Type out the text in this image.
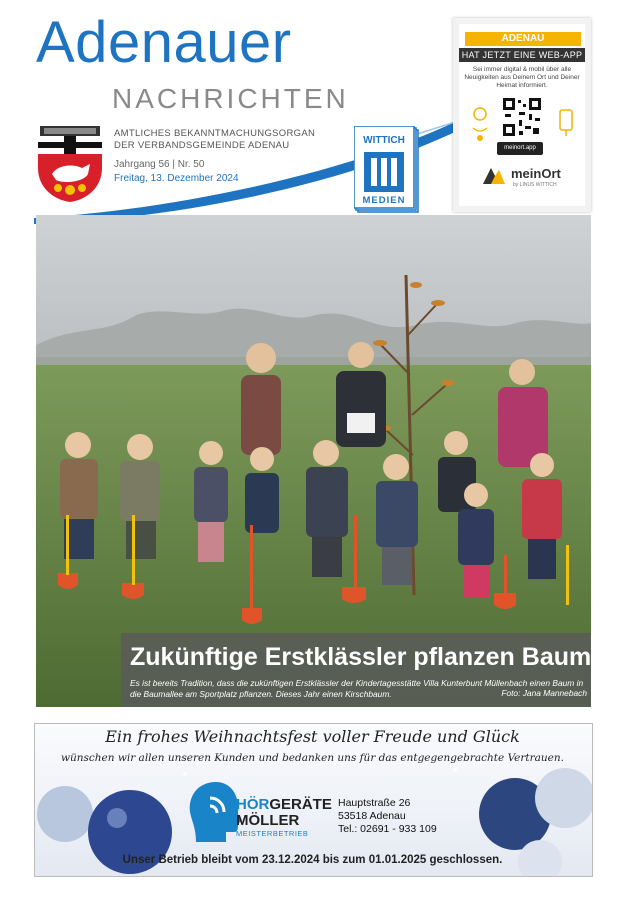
Adenauer
NACHRICHTEN
AMTLICHES BEKANNTMACHUNGSORGAN
DER VERBANDSGEMEINDE ADENAU
Jahrgang 56 | Nr. 50
Freitag, 13. Dezember 2024
WITTICH
MEDIEN
ADENAU
HAT JETZT EINE WEB-APP
Sei immer digital & mobil über alle Neuigkeiten aus Deinem Ort und Deiner Heimat informiert.
meinort.app
meinOrt
by LINUS WITTICH
Zukünftige Erstklässler pflanzen Baum
Es ist bereits Tradition, dass die zukünftigen Erstklässler der Kindertagesstätte Villa Kunterbunt Müllenbach einen Baum in die Baumallee am Sportplatz pflanzen. Dieses Jahr einen Kirschbaum.	Foto: Jana Mannebach
Ein frohes Weihnachtsfest voller Freude und Glück
wünschen wir allen unseren Kunden und bedanken uns für das entgegengebrachte Vertrauen.
HÖRGERÄTE
MÖLLER
MEISTERBETRIEB
Hauptstraße 26
53518 Adenau
Tel.: 02691 - 933 109
Unser Betrieb bleibt vom 23.12.2024 bis zum 01.01.2025 geschlossen.
